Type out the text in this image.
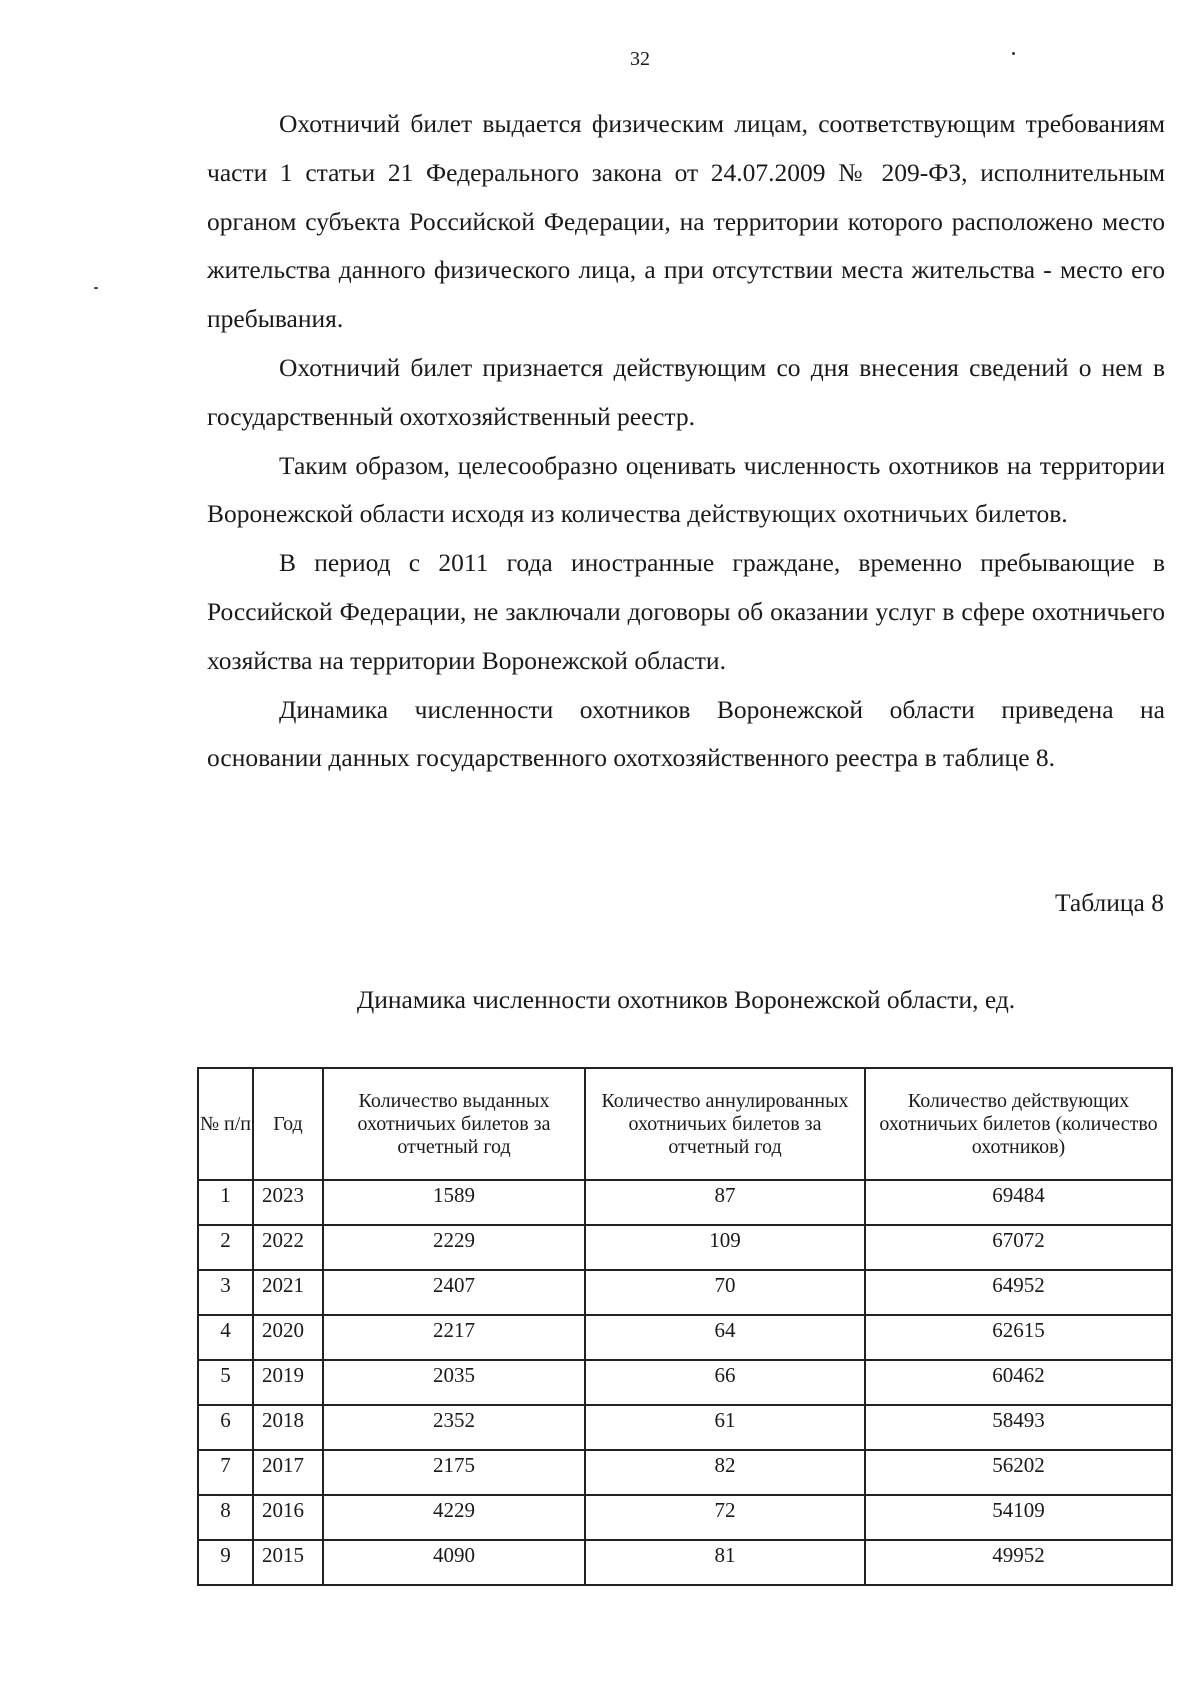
32

Охотничий билет выдается физическим лицам, соответствующим требованиям части 1 статьи 21 Федерального закона от 24.07.2009 № 209-ФЗ, исполнительным органом субъекта Российской Федерации, на территории которого расположено место жительства данного физического лица, а при отсутствии места жительства - место его пребывания.

Охотничий билет признается действующим со дня внесения сведений о нем в государственный охотхозяйственный реестр.

Таким образом, целесообразно оценивать численность охотников на территории Воронежской области исходя из количества действующих охотничьих билетов.

В период с 2011 года иностранные граждане, временно пребывающие в Российской Федерации, не заключали договоры об оказании услуг в сфере охотничьего хозяйства на территории Воронежской области.

Динамика численности охотников Воронежской области приведена на основании данных государственного охотхозяйственного реестра в таблице 8.

Таблица 8
Динамика численности охотников Воронежской области, ед.
№ п/п	Год	Количество выданных охотничьих билетов за отчетный год	Количество аннулированных охотничьих билетов за отчетный год	Количество действующих охотничьих билетов (количество охотников)
1	2023	1589	87	69484
2	2022	2229	109	67072
3	2021	2407	70	64952
4	2020	2217	64	62615
5	2019	2035	66	60462
6	2018	2352	61	58493
7	2017	2175	82	56202
8	2016	4229	72	54109
9	2015	4090	81	49952
